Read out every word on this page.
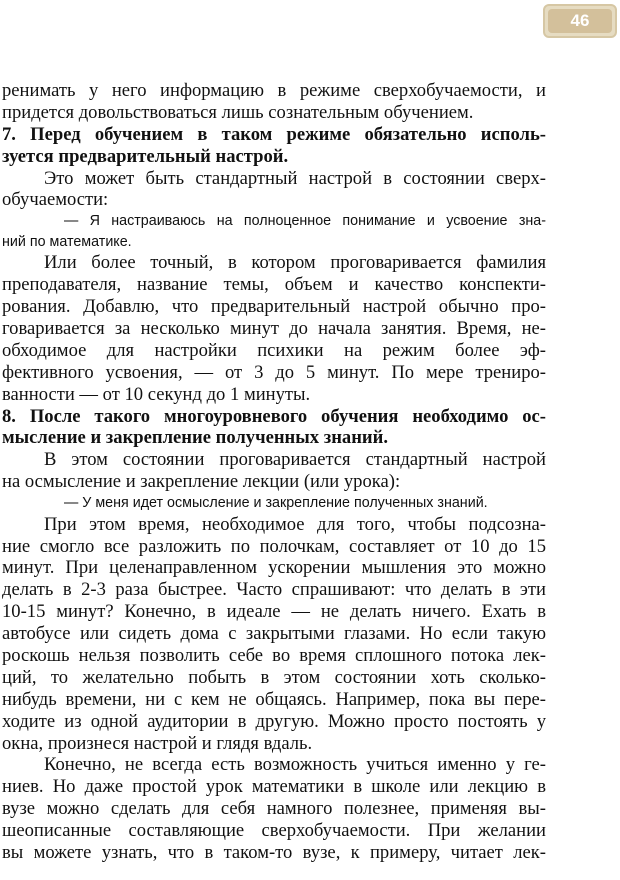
46
ренимать у него информацию в режиме сверхобучаемости, и
придется довольствоваться лишь сознательным обучением.
7. Перед обучением в таком режиме обязательно исполь-
зуется предварительный настрой.
Это может быть стандартный настрой в состоянии сверх-
обучаемости:
— Я настраиваюсь на полноценное понимание и усвоение зна-
ний по математике.
Или более точный, в котором проговаривается фамилия
преподавателя, название темы, объем и качество конспекти-
рования. Добавлю, что предварительный настрой обычно про-
говаривается за несколько минут до начала занятия. Время, не-
обходимое для настройки психики на режим более эф-
фективного усвоения, — от 3 до 5 минут. По мере трениро-
ванности — от 10 секунд до 1 минуты.
8. После такого многоуровневого обучения необходимо ос-
мысление и закрепление полученных знаний.
В этом состоянии проговаривается стандартный настрой
на осмысление и закрепление лекции (или урока):
— У меня идет осмысление и закрепление полученных знаний.
При этом время, необходимое для того, чтобы подсозна-
ние смогло все разложить по полочкам, составляет от 10 до 15
минут. При целенаправленном ускорении мышления это можно
делать в 2-3 раза быстрее. Часто спрашивают: что делать в эти
10-15 минут? Конечно, в идеале — не делать ничего. Ехать в
автобусе или сидеть дома с закрытыми глазами. Но если такую
роскошь нельзя позволить себе во время сплошного потока лек-
ций, то желательно побыть в этом состоянии хоть сколько-
нибудь времени, ни с кем не общаясь. Например, пока вы пере-
ходите из одной аудитории в другую. Можно просто постоять у
окна, произнеся настрой и глядя вдаль.
Конечно, не всегда есть возможность учиться именно у ге-
ниев. Но даже простой урок математики в школе или лекцию в
вузе можно сделать для себя намного полезнее, применяя вы-
шеописанные составляющие сверхобучаемости. При желании
вы можете узнать, что в таком-то вузе, к примеру, читает лек-
